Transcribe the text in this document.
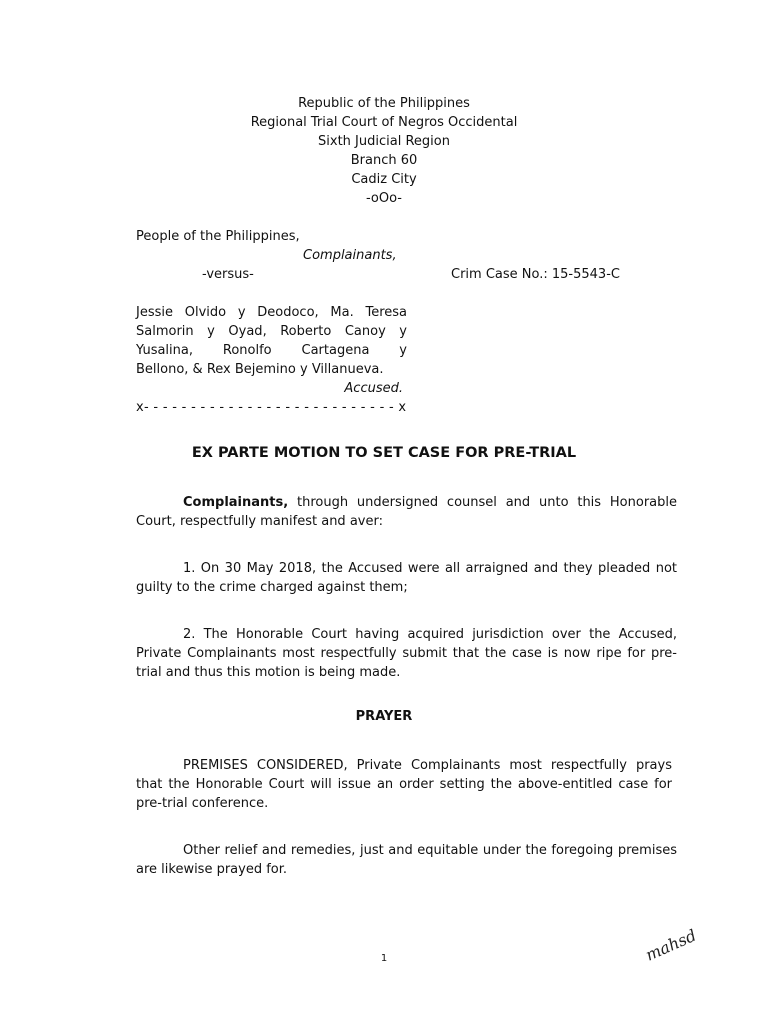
Republic of the Philippines
Regional Trial Court of Negros Occidental
Sixth Judicial Region
Branch 60
Cadiz City
-oOo-
People of the Philippines,
Complainants,
-versus-	Crim Case No.: 15-5543-C
Jessie Olvido y Deodoco, Ma. Teresa
Salmorin y Oyad, Roberto Canoy y
Yusalina, Ronolfo Cartagena y
Bellono, & Rex Bejemino y Villanueva.
Accused.
x- - - - - - - - - - - - - - - - - - - - - - - - - - - x
EX PARTE MOTION TO SET CASE FOR PRE-TRIAL
Complainants, through undersigned counsel and unto this Honorable Court, respectfully manifest and aver:
1. On 30 May 2018, the Accused were all arraigned and they pleaded not guilty to the crime charged against them;
2. The Honorable Court having acquired jurisdiction over the Accused, Private Complainants most respectfully submit that the case is now ripe for pre-trial and thus this motion is being made.
PRAYER
PREMISES CONSIDERED, Private Complainants most respectfully prays that the Honorable Court will issue an order setting the above-entitled case for pre-trial conference.
Other relief and remedies, just and equitable under the foregoing premises are likewise prayed for.
1	mahsd
